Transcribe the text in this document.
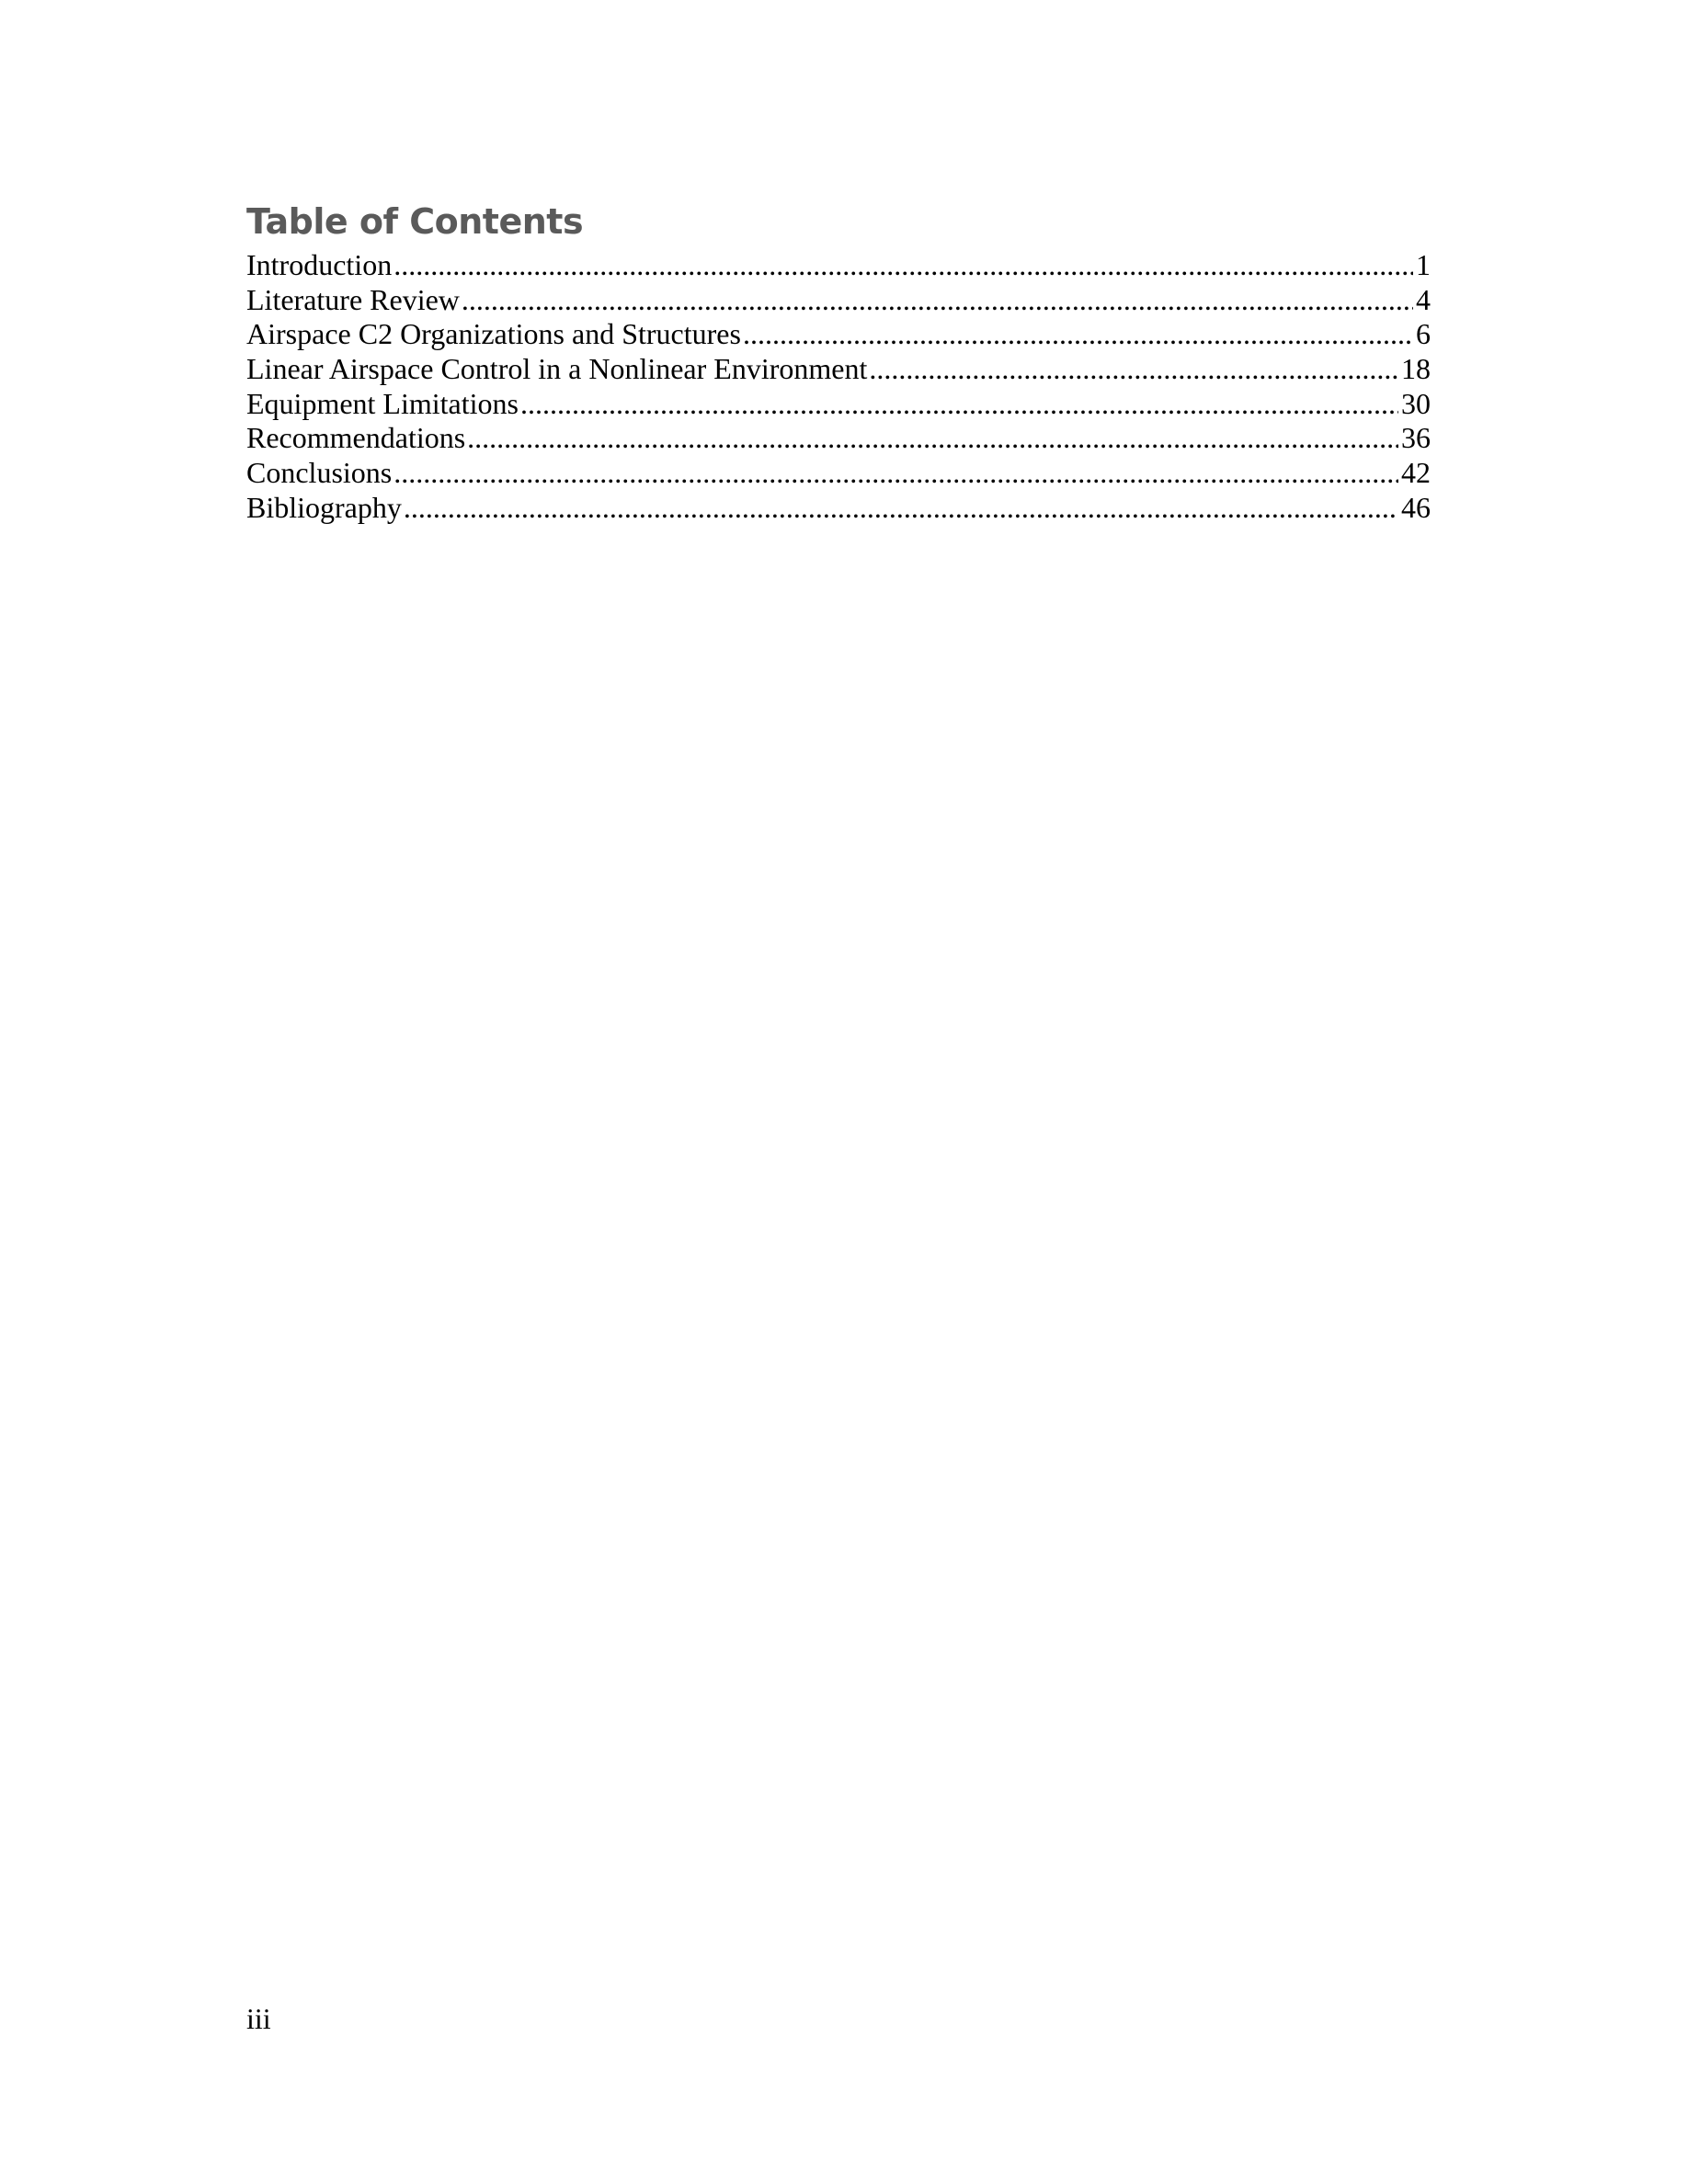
Table of Contents
Introduction .....	1
Literature Review .....	4
Airspace C2 Organizations and Structures .....	6
Linear Airspace Control in a Nonlinear Environment .....	18
Equipment Limitations .....	30
Recommendations .....	36
Conclusions .....	42
Bibliography .....	46

iii
